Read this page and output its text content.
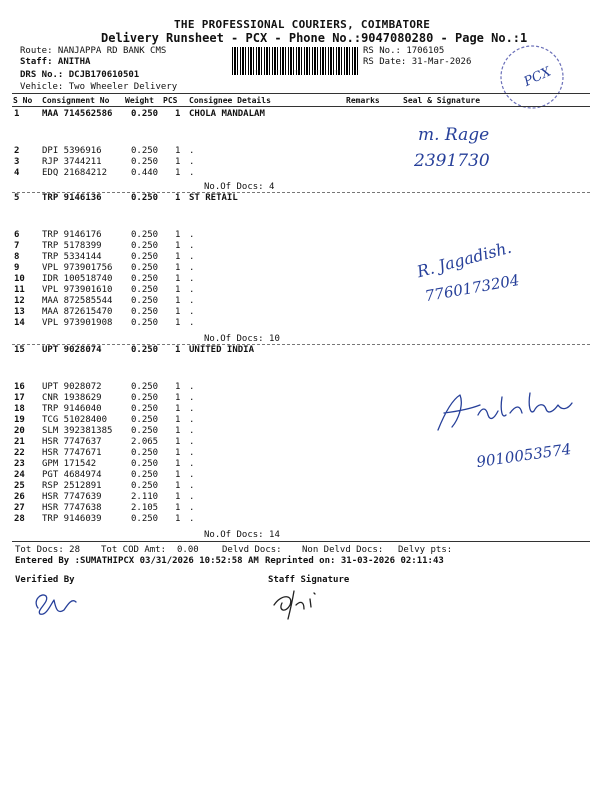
THE PROFESSIONAL COURIERS, COIMBATORE
Delivery Runsheet - PCX - Phone No.:9047080280 - Page No.:1
Route: NANJAPPA RD BANK CMS
Staff: ANITHA
DRS No.: DCJB170610501
Vehicle: Two Wheeler Delivery
RS No.: 1706105
RS Date: 31-Mar-2026
PCX
S No Consignment No Weight PCS Consignee Details	Remarks	Seal & Signature
1	MAA 714562586 0.250 1 CHOLA MANDALAM
2	DPI 5396916	0.250 1 .
3	RJP 3744211	0.250 1 .
4	EDQ 21684212	0.440 1 .
5	TRP 9146136	0.250 1 ST RETAIL
6	TRP 9146176	0.250 1 .
7	TRP 5178399	0.250 1 .
8	TRP 5334144	0.250 1 .
9	VPL 973901756 0.250 1 .
10 IDR 100518740 0.250 1 .
11 VPL 973901610 0.250 1 .
12 MAA 872585544 0.250 1 .
13 MAA 872615470 0.250 1 .
14 VPL 973901908 0.250 1 .
15 UPT 9028074	0.250 1 UNITED INDIA
16 UPT 9028072	0.250 1 .
17 CNR 1938629	0.250 1 .
18 TRP 9146040	0.250 1 .
19 TCG 51028400	0.250 1 .
20 SLM 392381385 0.250 1 .
21 HSR 7747637	2.065 1 .
22 HSR 7747671	0.250 1 .
23 GPM 171542	0.250 1 .
24 PGT 4684974	0.250 1 .
25 RSP 2512891	0.250 1 .
26 HSR 7747639	2.110 1 .
27 HSR 7747638	2.105 1 .
28 TRP 9146039	0.250 1 .
No.Of Docs: 4
No.Of Docs: 10
No.Of Docs: 14
m. Rage
2391730
R. Jagadish.
7760173204
9010053574
Tot Docs: 28 Tot COD Amt: 0.00	Delvd Docs: Non Delvd Docs: Delvy pts:
Entered By :SUMATHIPCX 03/31/2026 10:52:58 AM Reprinted on: 31-03-2026 02:11:43
Verified By	Staff Signature
